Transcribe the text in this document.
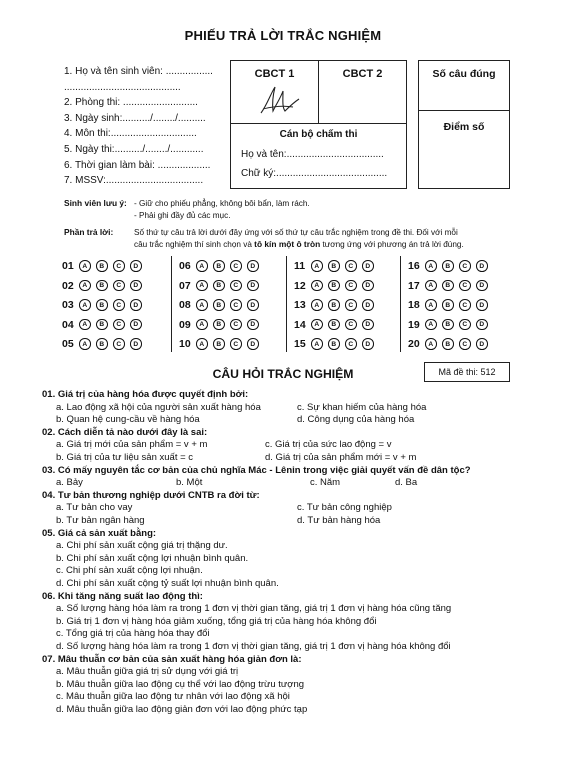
PHIẾU TRẢ LỜI TRẮC NGHIỆM
1. Họ và tên sinh viên: .................
..........................................
2. Phòng thi: ...........................
3. Ngày sinh:........../......../..........
4. Môn thi:...............................
5. Ngày thi:........../......../............
6. Thời gian làm bài: ...................
7. MSSV:...................................
CBCT 1	CBCT 2
Cán bộ chấm thi
Họ và tên:...................................
Chữ ký:........................................
Số câu đúng
Điểm số
Sinh viên lưu ý: - Giữ cho phiếu phẳng, không bôi bẩn, làm rách.
- Phải ghi đầy đủ các mục.
Phần trả lời:	Số thứ tự câu trả lời dưới đây ứng với số thứ tự câu trắc nghiệm trong đề thi. Đối với mỗi
câu trắc nghiệm thí sinh chọn và tô kín một ô tròn tương ứng với phương án trả lời đúng.
01	A	B	C	D
02	A	B	C	D
03	A	B	C	D
04	A	B	C	D
05	A	B	C	D
06	A	B	C	D
07	A	B	C	D
08	A	B	C	D
09	A	B	C	D
10	A	B	C	D
11	A	B	C	D
12	A	B	C	D
13	A	B	C	D
14	A	B	C	D
15	A	B	C	D
16	A	B	C	D
17	A	B	C	D
18	A	B	C	D
19	A	B	C	D
20	A	B	C	D
CÂU HỎI TRẮC NGHIỆM	Mã đề thi: 512
01. Giá trị của hàng hóa được quyết định bởi:
a. Lao động xã hội của người sản xuất hàng hóa	c. Sự khan hiếm của hàng hóa
b. Quan hệ cung-cầu về hàng hóa	d. Công dụng của hàng hóa
02. Cách diễn tả nào dưới đây là sai:
a. Giá trị mới của sản phẩm = v + m	c. Giá trị của sức lao động = v
b. Giá trị của tư liệu sản xuất = c	d. Giá trị của sản phẩm mới = v + m
03. Có mấy nguyên tắc cơ bản của chủ nghĩa Mác - Lênin trong việc giải quyết vấn đề dân tộc?
a. Bảy	b. Một	c. Năm	d. Ba
04. Tư bản thương nghiệp dưới CNTB ra đời từ:
a. Tư bản cho vay	c. Tư bản công nghiệp
b. Tư bản ngân hàng	d. Tư bản hàng hóa
05. Giá cả sản xuất bằng:
a. Chi phí sản xuất cộng giá trị thặng dư.
b. Chi phí sản xuất cộng lợi nhuận bình quân.
c. Chi phí sản xuất cộng lợi nhuận.
d. Chi phí sản xuất cộng tỷ suất lợi nhuận bình quân.
06. Khi tăng năng suất lao động thì:
a. Số lượng hàng hóa làm ra trong 1 đơn vị thời gian tăng, giá trị 1 đơn vị hàng hóa cũng tăng
b. Giá trị 1 đơn vị hàng hóa giảm xuống, tổng giá trị của hàng hóa không đổi
c. Tổng giá trị của hàng hóa thay đổi
d. Số lượng hàng hóa làm ra trong 1 đơn vị thời gian tăng, giá trị 1 đơn vị hàng hóa không đổi
07. Mâu thuẫn cơ bản của sản xuất hàng hóa giản đơn là:
a. Mâu thuẫn giữa giá trị sử dụng với giá trị
b. Mâu thuẫn giữa lao động cụ thể với lao động trừu tượng
c. Mâu thuẫn giữa lao động tư nhân với lao động xã hội
d. Mâu thuẫn giữa lao động giản đơn với lao động phức tạp
